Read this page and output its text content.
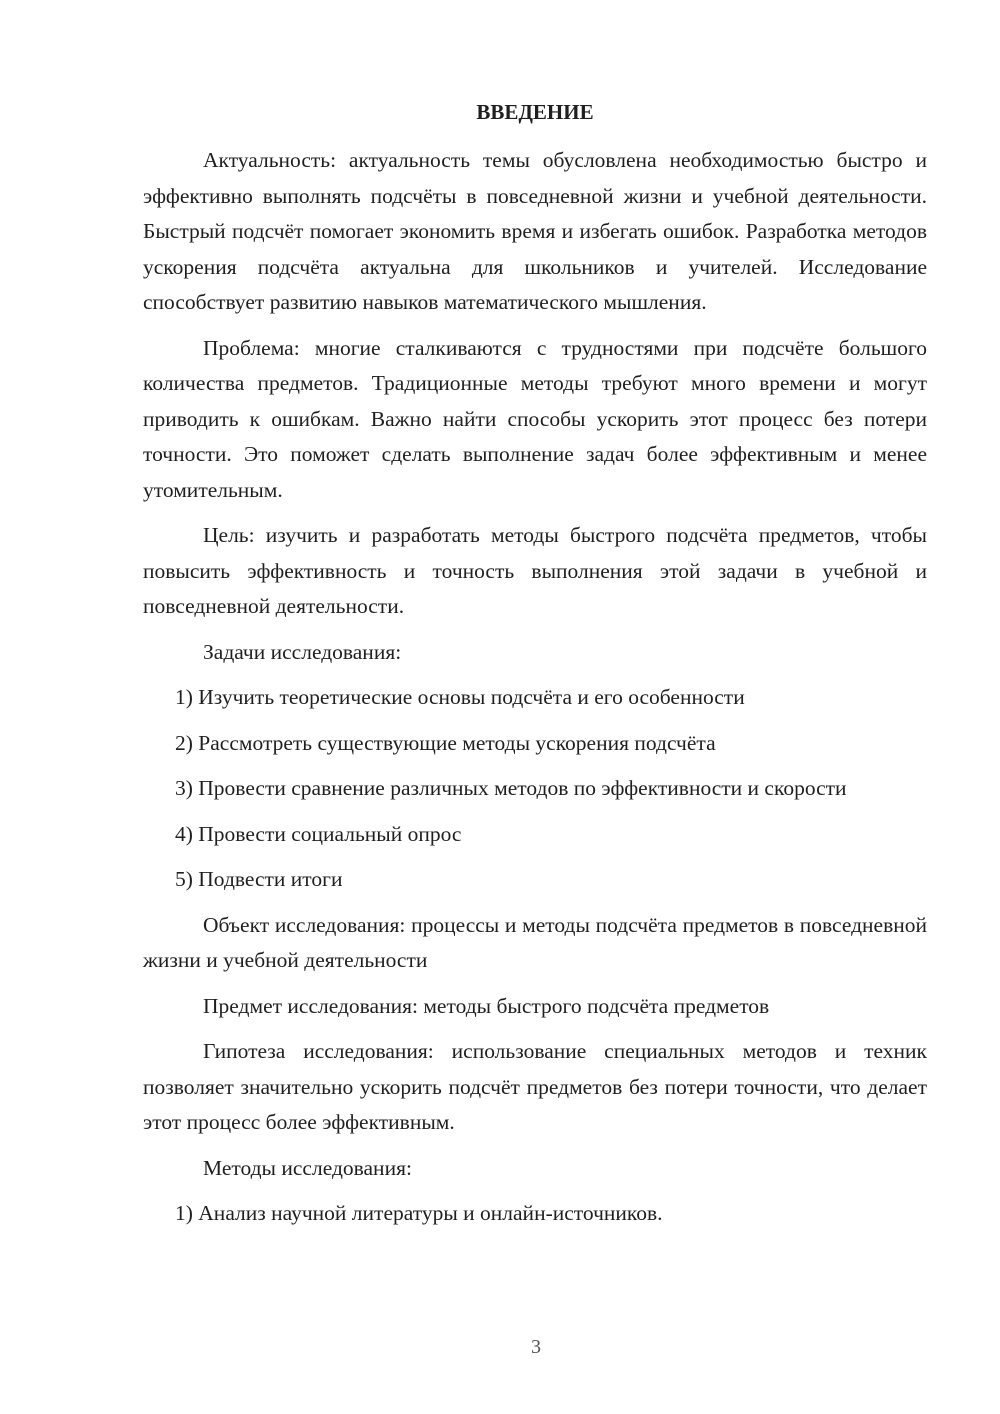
ВВЕДЕНИЕ

Актуальность: актуальность темы обусловлена необходимостью быстро и эффективно выполнять подсчёты в повседневной жизни и учебной деятельности. Быстрый подсчёт помогает экономить время и избегать ошибок. Разработка методов ускорения подсчёта актуальна для школьников и учителей. Исследование способствует развитию навыков математического мышления.

Проблема: многие сталкиваются с трудностями при подсчёте большого количества предметов. Традиционные методы требуют много времени и могут приводить к ошибкам. Важно найти способы ускорить этот процесс без потери точности. Это поможет сделать выполнение задач более эффективным и менее утомительным.

Цель: изучить и разработать методы быстрого подсчёта предметов, чтобы повысить эффективность и точность выполнения этой задачи в учебной и повседневной деятельности.

Задачи исследования:

1) Изучить теоретические основы подсчёта и его особенности

2) Рассмотреть существующие методы ускорения подсчёта

3) Провести сравнение различных методов по эффективности и скорости

4) Провести социальный опрос

5) Подвести итоги

Объект исследования: процессы и методы подсчёта предметов в повседневной жизни и учебной деятельности

Предмет исследования: методы быстрого подсчёта предметов

Гипотеза исследования: использование специальных методов и техник позволяет значительно ускорить подсчёт предметов без потери точности, что делает этот процесс более эффективным.

Методы исследования:

1) Анализ научной литературы и онлайн-источников.

3
